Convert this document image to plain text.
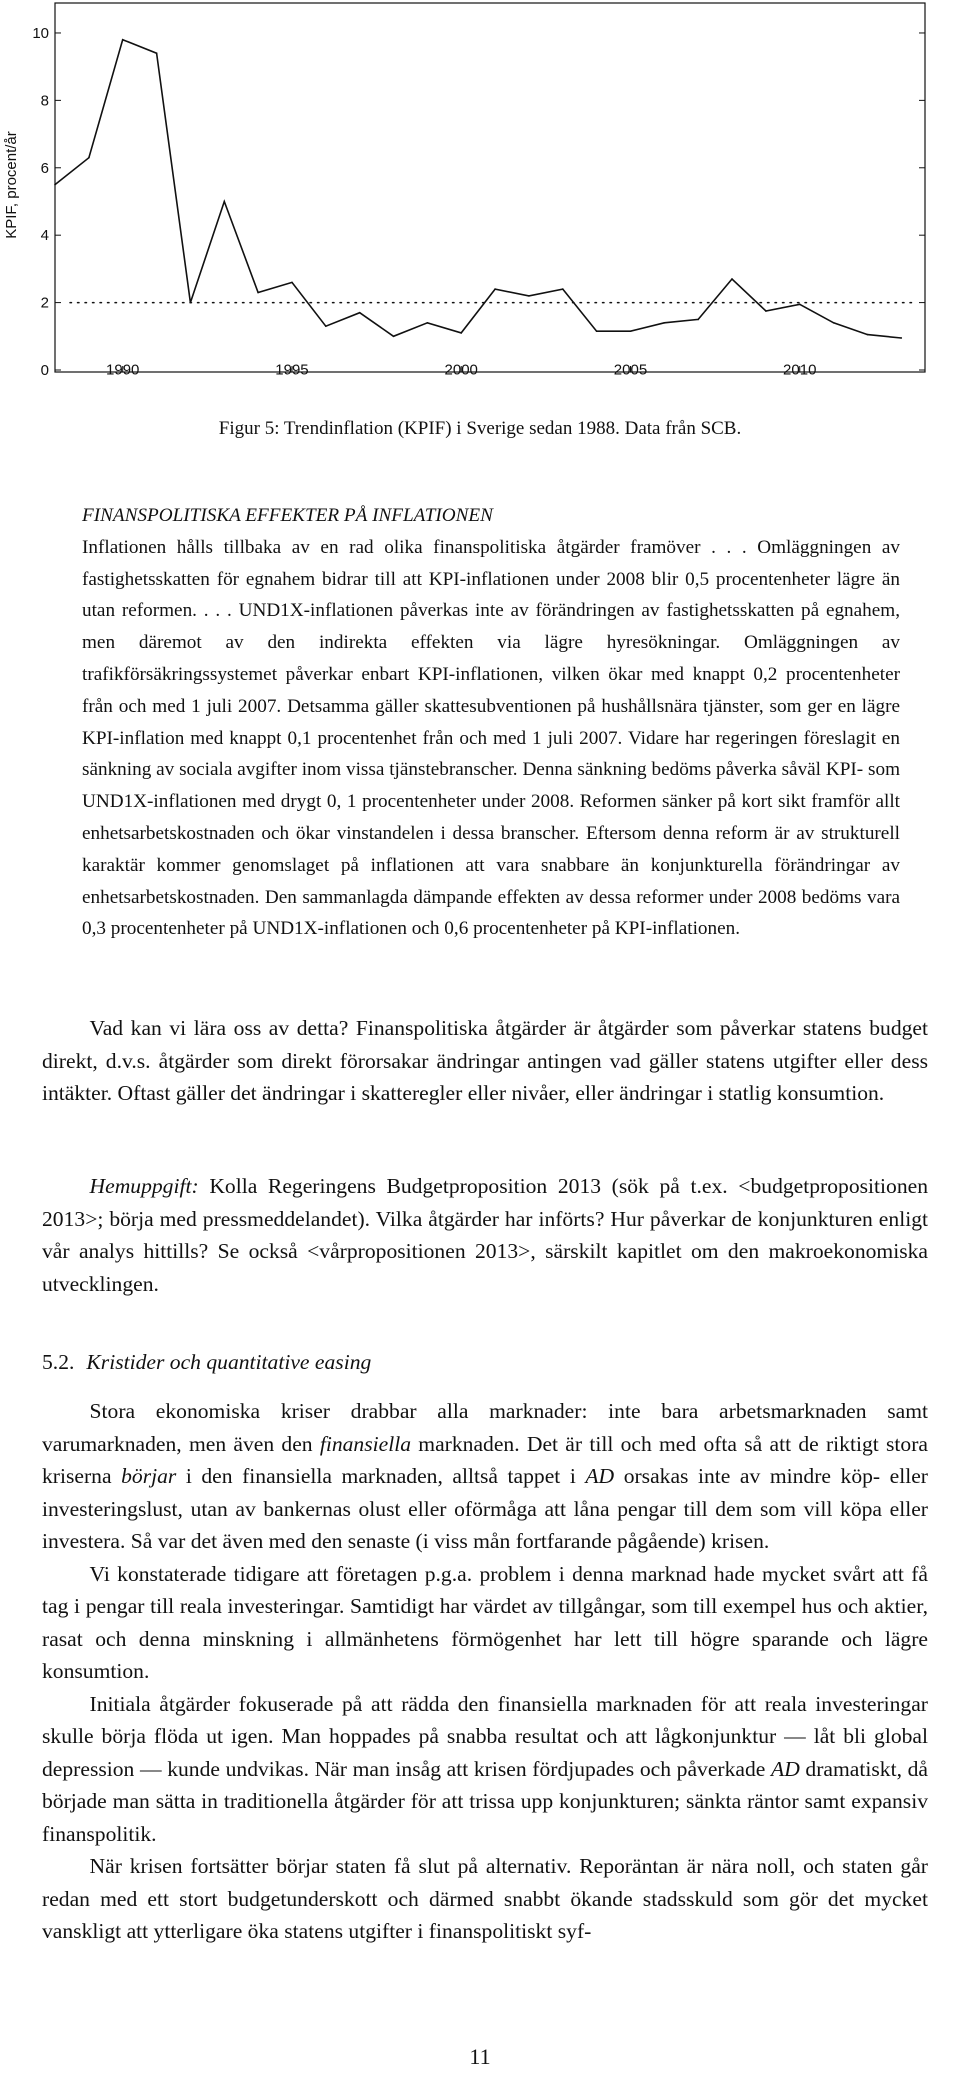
0
2
4
6
8
10
1990	1995	2000	2005	2010
KPIF, procent/år
Figur 5: Trendinflation (KPIF) i Sverige sedan 1988. Data från SCB.
FINANSPOLITISKA EFFEKTER PÅ INFLATIONEN

Inflationen hålls tillbaka av en rad olika finanspolitiska åtgärder framöver . . . Omläggningen av fastighetsskatten för egnahem bidrar till att KPI-inflationen under 2008 blir 0,5 procentenheter lägre än utan reformen. . . . UND1X-inflationen påverkas inte av förändringen av fastighetsskatten på egnahem, men däremot av den indirekta effekten via lägre hyresökningar. Omläggningen av trafikförsäkringssystemet påverkar enbart KPI-inflationen, vilken ökar med knappt 0,2 procentenheter från och med 1 juli 2007. Detsamma gäller skattesubventionen på hushållsnära tjänster, som ger en lägre KPI-inflation med knappt 0,1 procentenhet från och med 1 juli 2007. Vidare har regeringen föreslagit en sänkning av sociala avgifter inom vissa tjänstebranscher. Denna sänkning bedöms påverka såväl KPI- som UND1X-inflationen med drygt 0, 1 procentenheter under 2008. Reformen sänker på kort sikt framför allt enhetsarbetskostnaden och ökar vinstandelen i dessa branscher. Eftersom denna reform är av strukturell karaktär kommer genomslaget på inflationen att vara snabbare än konjunkturella förändringar av enhetsarbetskostnaden. Den sammanlagda dämpande effekten av dessa reformer under 2008 bedöms vara 0,3 procentenheter på UND1X-inflationen och 0,6 procentenheter på KPI-inflationen.

Vad kan vi lära oss av detta? Finanspolitiska åtgärder är åtgärder som påverkar statens budget direkt, d.v.s. åtgärder som direkt förorsakar ändringar antingen vad gäller statens utgifter eller dess intäkter. Oftast gäller det ändringar i skatteregler eller nivåer, eller ändringar i statlig konsumtion.

Hemuppgift: Kolla Regeringens Budgetproposition 2013 (sök på t.ex. <budgetpropositionen 2013>; börja med pressmeddelandet). Vilka åtgärder har införts? Hur påverkar de konjunkturen enligt vår analys hittills? Se också <vårpropositionen 2013>, särskilt kapitlet om den makroekonomiska utvecklingen.

5.2. Kristider och quantitative easing

Stora ekonomiska kriser drabbar alla marknader: inte bara arbetsmarknaden samt varumarknaden, men även den finansiella marknaden. Det är till och med ofta så att de riktigt stora kriserna börjar i den finansiella marknaden, alltså tappet i AD orsakas inte av mindre köp- eller investeringslust, utan av bankernas olust eller oförmåga att låna pengar till dem som vill köpa eller investera. Så var det även med den senaste (i viss mån fortfarande pågående) krisen.

Vi konstaterade tidigare att företagen p.g.a. problem i denna marknad hade mycket svårt att få tag i pengar till reala investeringar. Samtidigt har värdet av tillgångar, som till exempel hus och aktier, rasat och denna minskning i allmänhetens förmögenhet har lett till högre sparande och lägre konsumtion.

Initiala åtgärder fokuserade på att rädda den finansiella marknaden för att reala investeringar skulle börja flöda ut igen. Man hoppades på snabba resultat och att lågkonjunktur — låt bli global depression — kunde undvikas. När man insåg att krisen fördjupades och påverkade AD dramatiskt, då började man sätta in traditionella åtgärder för att trissa upp konjunkturen; sänkta räntor samt expansiv finanspolitik.

När krisen fortsätter börjar staten få slut på alternativ. Reporäntan är nära noll, och staten går redan med ett stort budgetunderskott och därmed snabbt ökande stadsskuld som gör det mycket vanskligt att ytterligare öka statens utgifter i finanspolitiskt syf-

11
